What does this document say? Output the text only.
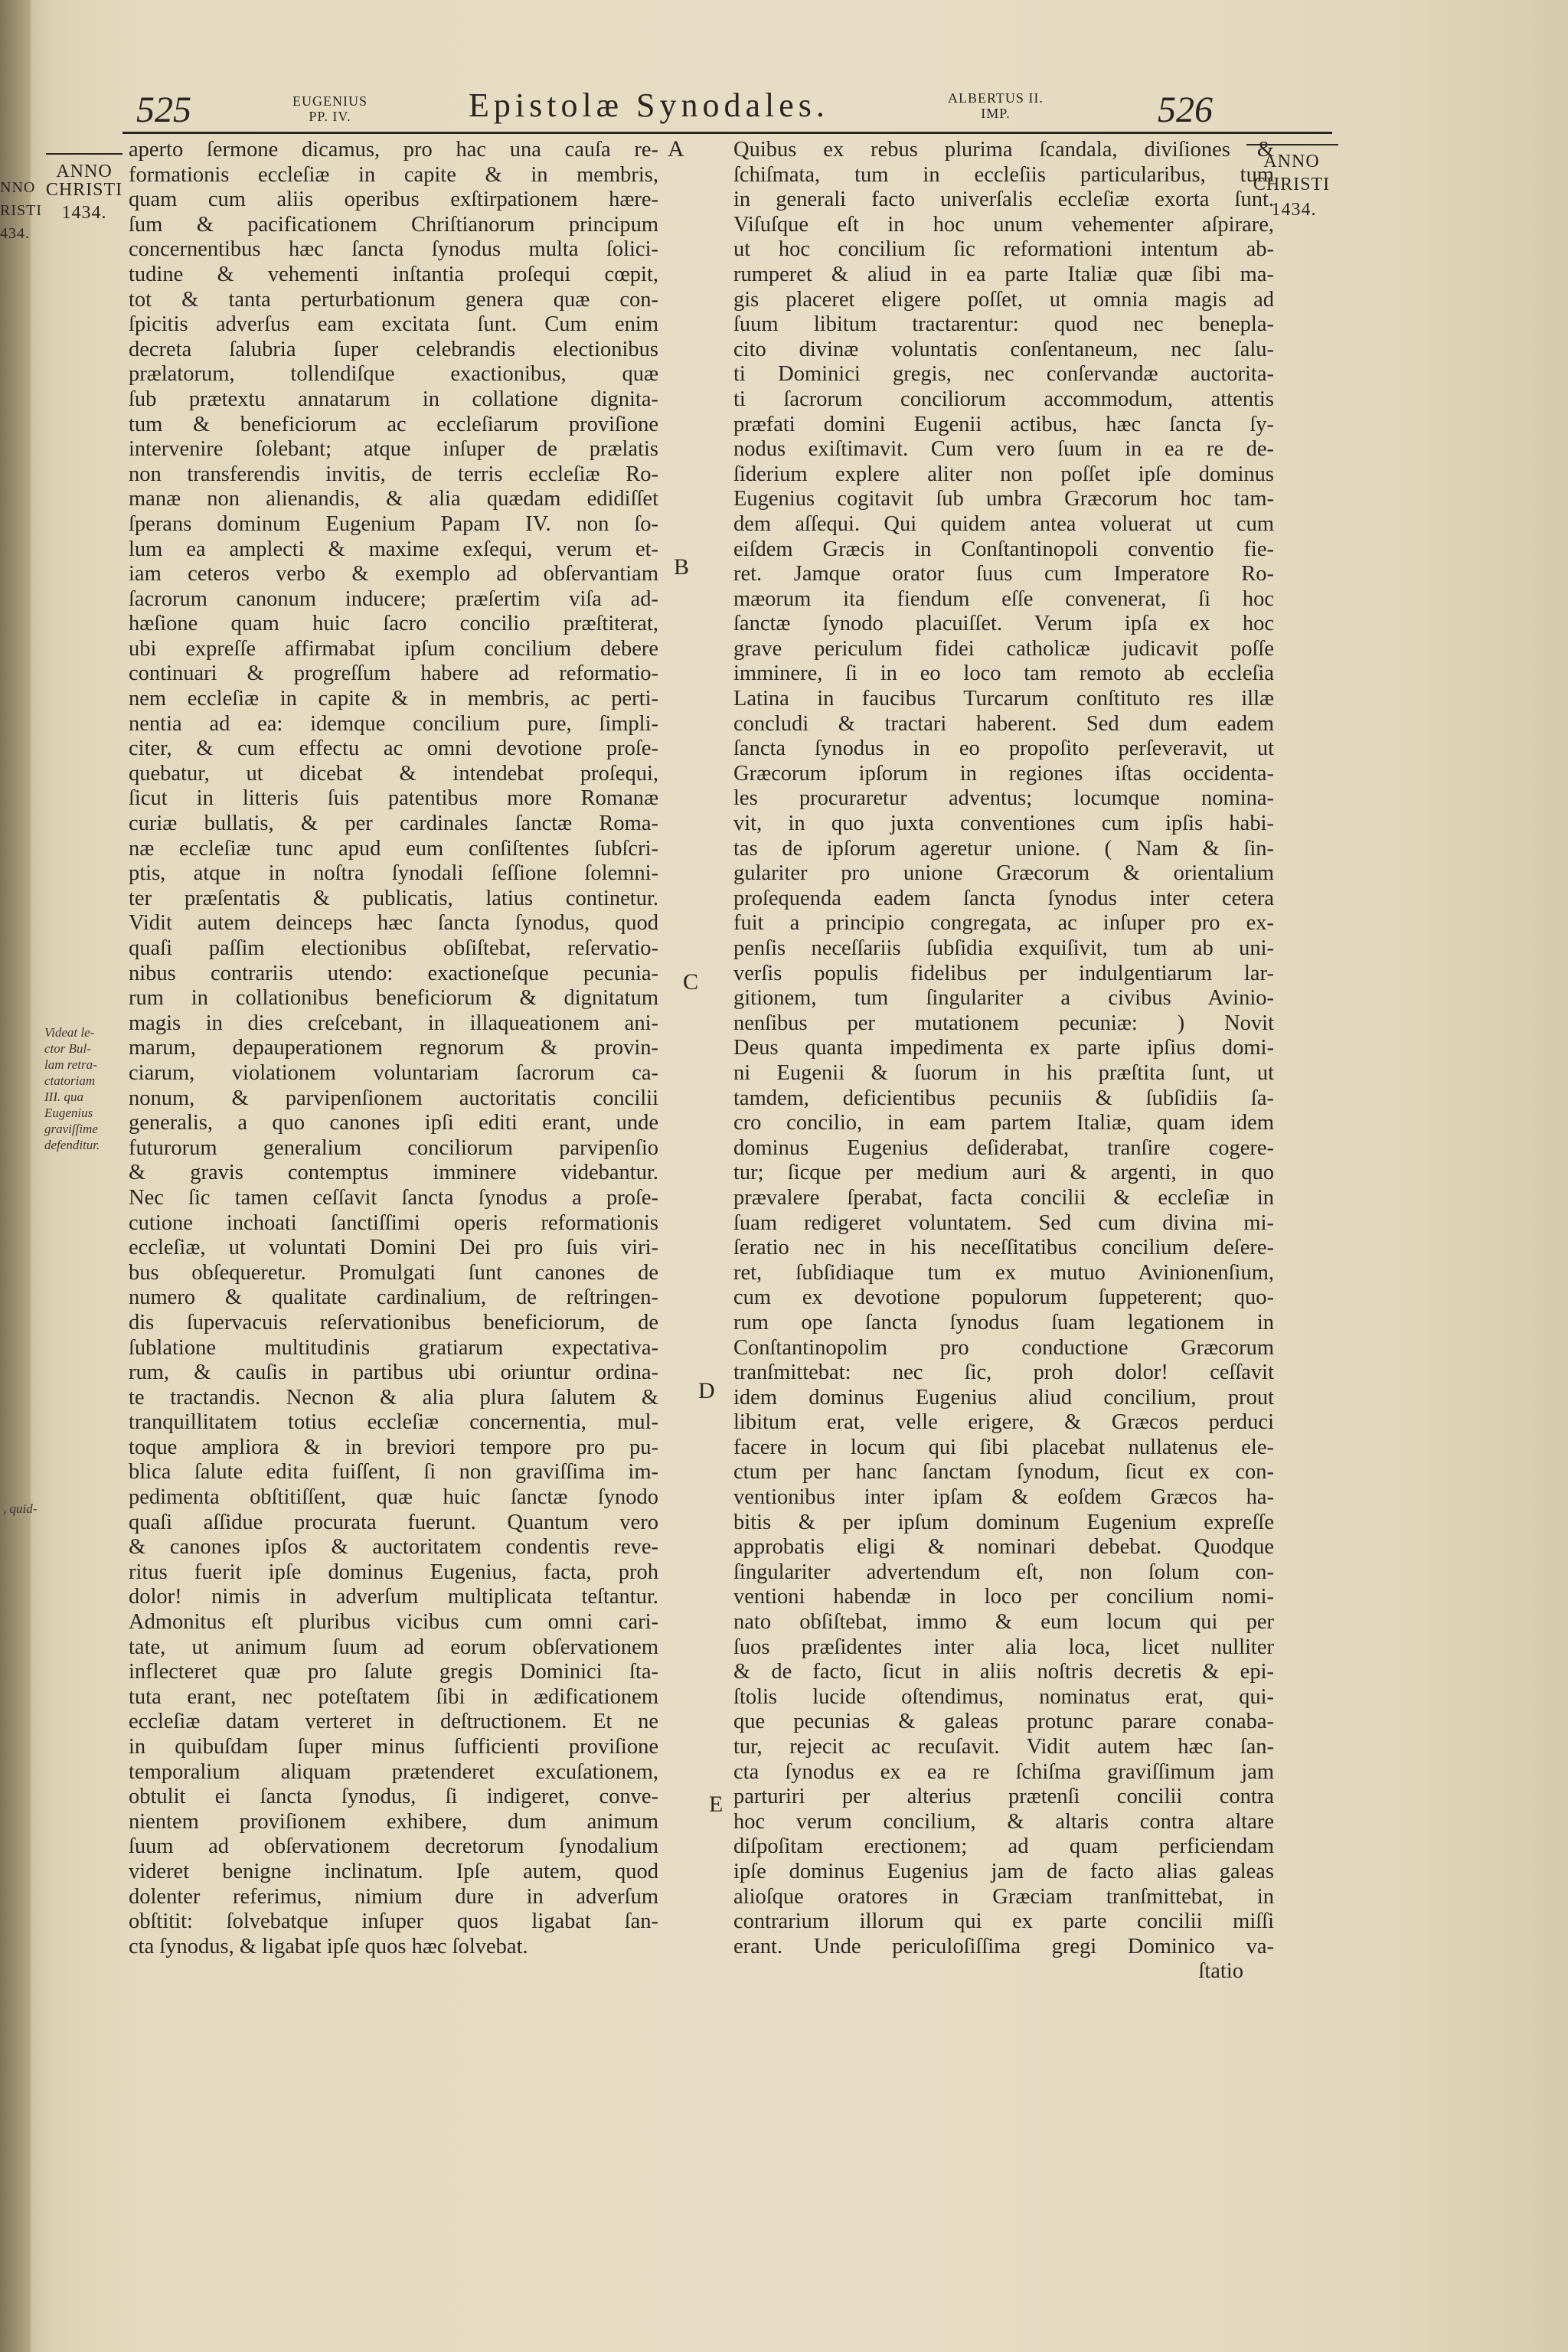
525	EUGENIUS
PP. IV.	Epistolæ Synodales.	ALBERTUS II.
IMP.	526
NNO
RISTI
434.
ANNO
CHRISTI
1434.
ANNO
CHRISTI
1434.
Videat le-
ctor Bul-
lam retra-
ctatoriam
III. qua
Eugenius
graviſſime
defenditur.
, quid-
A
B
C
D
E
aperto ſermone dicamus, pro hac una cauſa re-
formationis eccleſiæ in capite & in membris,
quam cum aliis operibus exſtirpationem hære-
ſum & pacificationem Chriſtianorum principum
concernentibus hæc ſancta ſynodus multa ſolici-
tudine & vehementi inſtantia proſequi cœpit,
tot & tanta perturbationum genera quæ con-
ſpicitis adverſus eam excitata ſunt. Cum enim
decreta ſalubria ſuper celebrandis electionibus
prælatorum, tollendiſque exactionibus, quæ
ſub prætextu annatarum in collatione dignita-
tum & beneficiorum ac eccleſiarum proviſione
intervenire ſolebant; atque inſuper de prælatis
non transferendis invitis, de terris eccleſiæ Ro-
manæ non alienandis, & alia quædam edidiſſet
ſperans dominum Eugenium Papam IV. non ſo-
lum ea amplecti & maxime exſequi, verum et-
iam ceteros verbo & exemplo ad obſervantiam
ſacrorum canonum inducere; præſertim viſa ad-
hæſione quam huic ſacro concilio præſtiterat,
ubi expreſſe affirmabat ipſum concilium debere
continuari & progreſſum habere ad reformatio-
nem eccleſiæ in capite & in membris, ac perti-
nentia ad ea: idemque concilium pure, ſimpli-
citer, & cum effectu ac omni devotione proſe-
quebatur, ut dicebat & intendebat proſequi,
ſicut in litteris ſuis patentibus more Romanæ
curiæ bullatis, & per cardinales ſanctæ Roma-
næ eccleſiæ tunc apud eum conſiſtentes ſubſcri-
ptis, atque in noſtra ſynodali ſeſſione ſolemni-
ter præſentatis & publicatis, latius continetur.
Vidit autem deinceps hæc ſancta ſynodus, quod
quaſi paſſim electionibus obſiſtebat, reſervatio-
nibus contrariis utendo: exactioneſque pecunia-
rum in collationibus beneficiorum & dignitatum
magis in dies creſcebant, in illaqueationem ani-
marum, depauperationem regnorum & provin-
ciarum, violationem voluntariam ſacrorum ca-
nonum, & parvipenſionem auctoritatis concilii
generalis, a quo canones ipſi editi erant, unde
futurorum generalium conciliorum parvipenſio
& gravis contemptus imminere videbantur.
Nec ſic tamen ceſſavit ſancta ſynodus a proſe-
cutione inchoati ſanctiſſimi operis reformationis
eccleſiæ, ut voluntati Domini Dei pro ſuis viri-
bus obſequeretur. Promulgati ſunt canones de
numero & qualitate cardinalium, de reſtringen-
dis ſupervacuis reſervationibus beneficiorum, de
ſublatione multitudinis gratiarum expectativa-
rum, & cauſis in partibus ubi oriuntur ordina-
te tractandis. Necnon & alia plura ſalutem &
tranquillitatem totius eccleſiæ concernentia, mul-
toque ampliora & in breviori tempore pro pu-
blica ſalute edita fuiſſent, ſi non graviſſima im-
pedimenta obſtitiſſent, quæ huic ſanctæ ſynodo
quaſi aſſidue procurata fuerunt. Quantum vero
& canones ipſos & auctoritatem condentis reve-
ritus fuerit ipſe dominus Eugenius, facta, proh
dolor! nimis in adverſum multiplicata teſtantur.
Admonitus eſt pluribus vicibus cum omni cari-
tate, ut animum ſuum ad eorum obſervationem
inflecteret quæ pro ſalute gregis Dominici ſta-
tuta erant, nec poteſtatem ſibi in ædificationem
eccleſiæ datam verteret in deſtructionem. Et ne
in quibuſdam ſuper minus ſufficienti proviſione
temporalium aliquam prætenderet excuſationem,
obtulit ei ſancta ſynodus, ſi indigeret, conve-
nientem proviſionem exhibere, dum animum
ſuum ad obſervationem decretorum ſynodalium
videret benigne inclinatum. Ipſe autem, quod
dolenter referimus, nimium dure in adverſum
obſtitit: ſolvebatque inſuper quos ligabat ſan-
cta ſynodus, & ligabat ipſe quos hæc ſolvebat.
Quibus ex rebus plurima ſcandala, diviſiones &
ſchiſmata, tum in eccleſiis particularibus, tum
in generali facto univerſalis eccleſiæ exorta ſunt.
Viſuſque eſt in hoc unum vehementer aſpirare,
ut hoc concilium ſic reformationi intentum ab-
rumperet & aliud in ea parte Italiæ quæ ſibi ma-
gis placeret eligere poſſet, ut omnia magis ad
ſuum libitum tractarentur: quod nec beneplа-
cito divinæ voluntatis conſentaneum, nec ſalu-
ti Dominici gregis, nec conſervandæ auctorita-
ti ſacrorum conciliorum accommodum, attentis
præfati domini Eugenii actibus, hæc ſancta ſy-
nodus exiſtimavit. Cum vero ſuum in ea re de-
ſiderium explere aliter non poſſet ipſe dominus
Eugenius cogitavit ſub umbra Græcorum hoc tam-
dem aſſequi. Qui quidem antea voluerat ut cum
eiſdem Græcis in Conſtantinopoli conventio fie-
ret. Jamque orator ſuus cum Imperatore Ro-
mæorum ita fiendum eſſe convenerat, ſi hoc
ſanctæ ſynodo placuiſſet. Verum ipſa ex hoc
grave periculum fidei catholicæ judicavit poſſe
imminere, ſi in eo loco tam remoto ab eccleſia
Latina in faucibus Turcarum conſtituto res illæ
concludi & tractari haberent. Sed dum eadem
ſancta ſynodus in eo propoſito perſeveravit, ut
Græcorum ipſorum in regiones iſtas occidenta-
les procuraretur adventus; locumque nomina-
vit, in quo juxta conventiones cum ipſis habi-
tas de ipſorum ageretur unione. ( Nam & ſin-
gulariter pro unione Græcorum & orientalium
proſequenda eadem ſancta ſynodus inter cetera
fuit a principio congregata, ac inſuper pro ex-
penſis neceſſariis ſubſidia exquiſivit, tum ab uni-
verſis populis fidelibus per indulgentiarum lar-
gitionem, tum ſingulariter a civibus Avinio-
nenſibus per mutationem pecuniæ: ) Novit
Deus quanta impedimenta ex parte ipſius domi-
ni Eugenii & ſuorum in his præſtita ſunt, ut
tamdem, deficientibus pecuniis & ſubſidiis ſa-
cro concilio, in eam partem Italiæ, quam idem
dominus Eugenius deſiderabat, tranſire cogere-
tur; ſicque per medium auri & argenti, in quo
prævalere ſperabat, facta concilii & eccleſiæ in
ſuam redigeret voluntatem. Sed cum divina mi-
ſeratio nec in his neceſſitatibus concilium deſere-
ret, ſubſidiaque tum ex mutuo Avinionenſium,
cum ex devotione populorum ſuppeterent; quo-
rum ope ſancta ſynodus ſuam legationem in
Conſtantinopolim pro conductione Græcorum
tranſmittebat: nec ſic, proh dolor! ceſſavit
idem dominus Eugenius aliud concilium, prout
libitum erat, velle erigere, & Græcos perduci
facere in locum qui ſibi placebat nullatenus ele-
ctum per hanc ſanctam ſynodum, ſicut ex con-
ventionibus inter ipſam & eoſdem Græcos ha-
bitis & per ipſum dominum Eugenium expreſſe
approbatis eligi & nominari debebat. Quodque
ſingulariter advertendum eſt, non ſolum con-
ventioni habendæ in loco per concilium nomi-
nato obſiſtebat, immo & eum locum qui per
ſuos præſidentes inter alia loca, licet nulliter
& de facto, ſicut in aliis noſtris decretis & epi-
ſtolis lucide oſtendimus, nominatus erat, qui-
que pecunias & galeas protunc parare conaba-
tur, rejecit ac recuſavit. Vidit autem hæc ſan-
cta ſynodus ex ea re ſchiſma graviſſimum jam
parturiri per alterius prætenſi concilii contra
hoc verum concilium, & altaris contra altare
diſpoſitam erectionem; ad quam perficiendam
ipſe dominus Eugenius jam de facto alias galeas
alioſque oratores in Græciam tranſmittebat, in
contrarium illorum qui ex parte concilii miſſi
erant. Unde periculoſiſſima gregi Dominico va-
ſtatio
